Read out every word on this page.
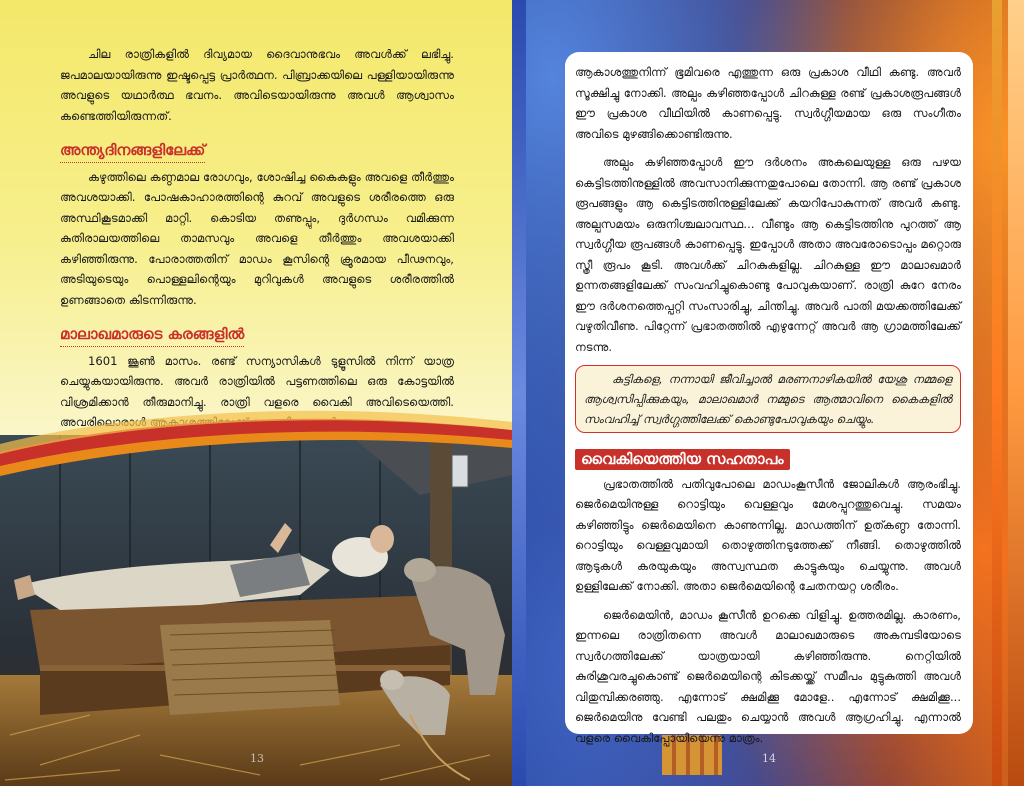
ചില രാത്രികളിൽ ദിവ്യമായ ദൈവാനുഭവം അവൾക്ക് ലഭിച്ചു. ജപമാലയായിരുന്നു ഇഷ്ടപ്പെട്ട പ്രാർത്ഥന. പിബ്രാക്കയിലെ പള്ളിയായിരുന്നു അവളുടെ യഥാർത്ഥ ഭവനം. അവിടെയായിരുന്നു അവൾ ആശ്വാസം കണ്ടെത്തിയിരുന്നത്.

അന്ത്യദിനങ്ങളിലേക്ക്

കഴുത്തിലെ കണ്ഠമാല രോഗവും, ശോഷിച്ച കൈകളും അവളെ തീർത്തും അവശയാക്കി. പോഷകാഹാരത്തിന്റെ കുറവ് അവളുടെ ശരീരത്തെ ഒരു അസ്ഥികൂടമാക്കി മാറ്റി. കൊടിയ തണുപ്പും, ദുർഗന്ധം വമിക്കുന്ന കുതിരാലയത്തിലെ താമസവും അവളെ തീർത്തും അവശയാക്കി കഴിഞ്ഞിരുന്നു. പോരാത്തതിന് മാഡം കൂസിന്റെ ക്രൂരമായ പീഢനവും, അടിയുടെയും പൊള്ളലിന്റെയും മുറിവുകൾ അവളുടെ ശരീരത്തിൽ ഉണങ്ങാതെ കിടന്നിരുന്നു.

മാലാഖമാരുടെ കരങ്ങളിൽ

1601 ജൂൺ മാസം. രണ്ട് സന്യാസികൾ ടുളൂസിൽ നിന്ന് യാത്ര ചെയ്യുകയായിരുന്നു. അവർ രാത്രിയിൽ പട്ടണത്തിലെ ഒരു കോട്ടയിൽ

13

ആകാശത്തുനിന്ന് ഭൂമിവരെ എത്തുന്ന ഒരു പ്രകാശ വീഥി കണ്ടു. അവർ സൂക്ഷിച്ചു നോക്കി. അല്പം കഴിഞ്ഞപ്പോൾ ചിറകുള്ള രണ്ട് പ്രകാശരൂപങ്ങൾ ഈ പ്രകാശ വീഥിയിൽ കാണപ്പെട്ടു. സ്വർഗ്ഗീയമായ ഒരു സംഗീതം അവിടെ മുഴങ്ങിക്കൊണ്ടിരുന്നു.

അല്പം കഴിഞ്ഞപ്പോൾ ഈ ദർശനം അകലെയുള്ള ഒരു പഴയ കെട്ടിടത്തിനുള്ളിൽ അവസാനിക്കുന്നതുപോലെ തോന്നി. ആ രണ്ട് പ്രകാശ രൂപങ്ങളും ആ കെട്ടിടത്തിനുള്ളിലേക്ക് കയറിപോകുന്നത് അവർ കണ്ടു. അല്പസമയം ഒരുനിശ്ചലാവസ്ഥ... വീണ്ടും ആ കെട്ടിടത്തിനു പുറത്ത് ആ സ്വർഗ്ഗീയ രൂപങ്ങൾ കാണപ്പെട്ടു. ഇപ്പോൾ അതാ അവരോടൊപ്പം മറ്റൊരു സ്ത്രീ രൂപം കൂടി. അവൾക്ക് ചിറകുകളില്ല. ചിറകുള്ള ഈ മാലാഖമാർ ഉന്നതങ്ങളിലേക്ക് സംവഹിച്ചുകൊണ്ടു പോവുകയാണ്. രാത്രി കുറേ നേരം ഈ ദർശനത്തെപ്പറ്റി സംസാരിച്ചു, ചിന്തിച്ചു. അവർ പാതി മയക്കത്തിലേക്ക് വഴുതിവീണു. പിറ്റേന്ന് പ്രഭാതത്തിൽ എഴുന്നേറ്റ് അവർ ആ ഗ്രാമത്തിലേക്ക് നടന്നു.

കുട്ടികളെ, നന്നായി ജീവിച്ചാൽ മരണനാഴികയിൽ യേശു നമ്മളെ ആശ്വസിപ്പിക്കുകയും, മാലാഖമാർ നമ്മുടെ ആത്മാവിനെ കൈകളിൽ സംവഹിച്ച് സ്വർഗ്ഗത്തിലേക്ക് കൊണ്ടുപോവുകയും ചെയ്യും.
വൈകിയെത്തിയ സഹതാപം

പ്രഭാതത്തിൽ പതിവുപോലെ മാഡംകൂസീൻ ജോലികൾ ആരംഭിച്ചു. ജെർമെയിനുള്ള റൊട്ടിയും വെള്ളവും മേശപ്പുറത്തുവെച്ചു. സമയം കഴിഞ്ഞിട്ടും ജെർമെയിനെ കാണുന്നില്ല. മാഡത്തിന് ഉത്കണ്ഠ തോന്നി. റൊട്ടിയും വെള്ളവുമായി തൊഴുത്തിനടുത്തേക്ക് നീങ്ങി. തൊഴുത്തിൽ ആടുകൾ കരയുകയും അസ്വസ്ഥത കാട്ടുകയും ചെയ്യുന്നു. അവൾ ഉള്ളിലേക്ക് നോക്കി. അതാ ജെർമെയിന്റെ ചേതനയറ്റ ശരീരം.

ജെർമെയിൻ, മാഡം കൂസീൻ ഉറക്കെ വിളിച്ചു. ഉത്തരമില്ല. കാരണം, ഇന്നലെ രാത്രിതന്നെ അവൾ മാലാഖമാരുടെ അകമ്പടിയോടെ സ്വർഗത്തിലേക്ക് യാത്രയായി കഴിഞ്ഞിരുന്നു. നെറ്റിയിൽ കുരിശുവരച്ചുകൊണ്ട് ജെർമെയിന്റെ കിടക്കയ്ക്ക് സമീപം മുട്ടുകുത്തി അവൾ വിതുമ്പിക്കരഞ്ഞു. എന്നോട് ക്ഷമിക്കൂ മോളേ.. എന്നോട് ക്ഷമിക്കൂ... ജെർമെയിനു വേണ്ടി പലതും ചെയ്യാൻ അവൾ ആഗ്രഹിച്ചു. എന്നാൽ വളരെ വൈകിപ്പോയിയെന്നു മാത്രം.

14
